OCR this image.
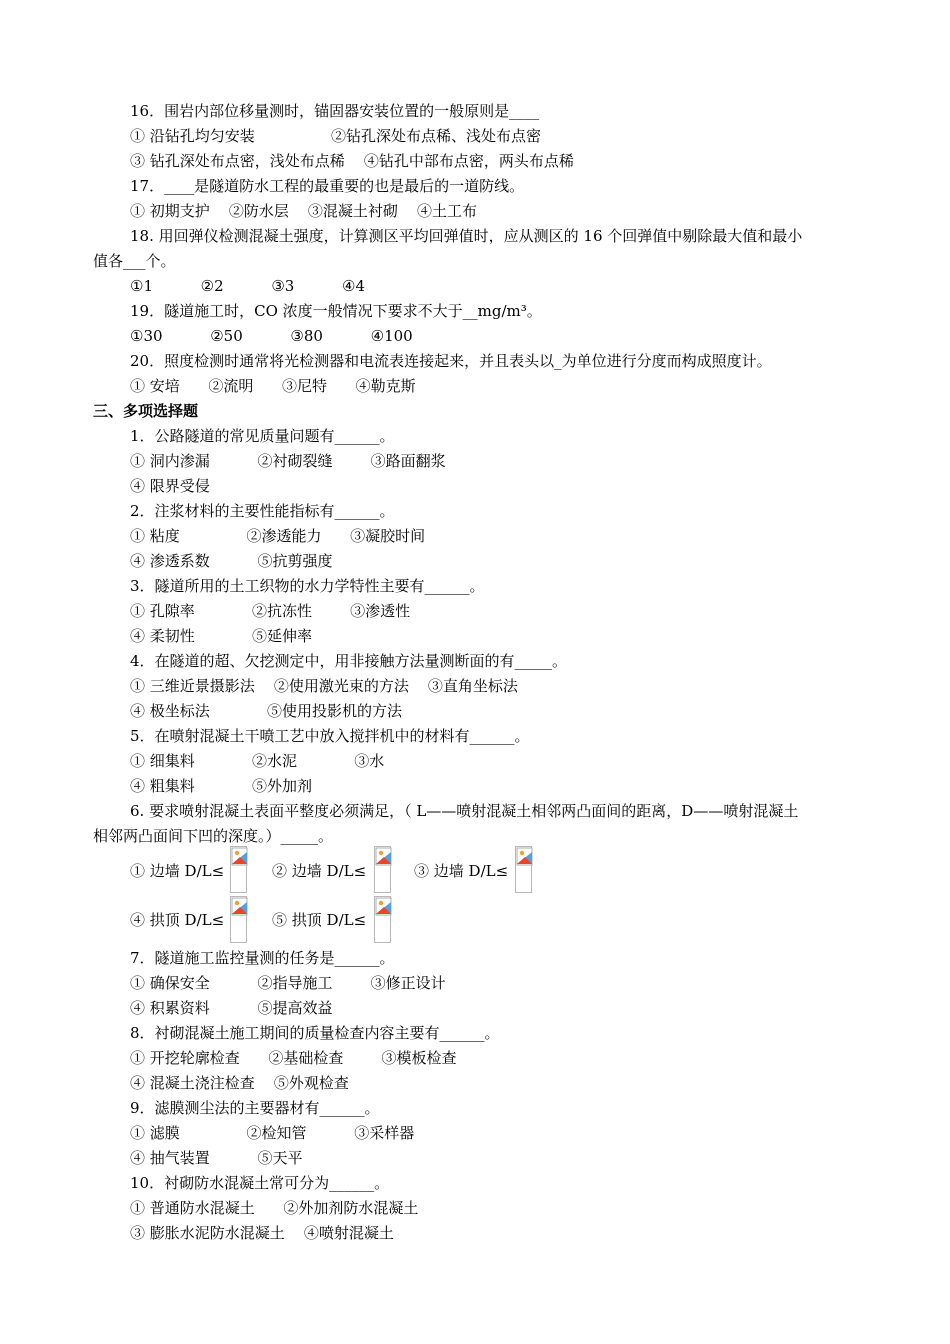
16．围岩内部位移量测时，锚固器安装位置的一般原则是____
① 沿钻孔均匀安装                ②钻孔深处布点稀、浅处布点密
③ 钻孔深处布点密，浅处布点稀    ④钻孔中部布点密，两头布点稀
17．____是隧道防水工程的最重要的也是最后的一道防线。
① 初期支护    ②防水层    ③混凝土衬砌    ④土工布
18. 用回弹仪检测混凝土强度，计算测区平均回弹值时，应从测区的 16 个回弹值中剔除最大值和最小
值各___个。
①1          ②2          ③3          ④4
19．隧道施工时，CO 浓度一般情况下要求不大于__mg/m³。
①30          ②50          ③80          ④100
20．照度检测时通常将光检测器和电流表连接起来，并且表头以_为单位进行分度而构成照度计。
① 安培      ②流明      ③尼特      ④勒克斯
三、多项选择题
1．公路隧道的常见质量问题有______。
① 洞内渗漏          ②衬砌裂缝        ③路面翻浆
④ 限界受侵
2．注浆材料的主要性能指标有______。
① 粘度              ②渗透能力      ③凝胶时间
④ 渗透系数          ⑤抗剪强度
3．隧道所用的土工织物的水力学特性主要有______。
① 孔隙率            ②抗冻性        ③渗透性
④ 柔韧性            ⑤延伸率
4．在隧道的超、欠挖测定中，用非接触方法量测断面的有_____。
① 三维近景摄影法    ②使用激光束的方法    ③直角坐标法
④ 极坐标法            ⑤使用投影机的方法
5．在喷射混凝土干喷工艺中放入搅拌机中的材料有______。
① 细集料            ②水泥            ③水
④ 粗集料            ⑤外加剂
6. 要求喷射混凝土表面平整度必须满足，（ L——喷射混凝土相邻两凸面间的距离，D——喷射混凝土
相邻两凸面间下凹的深度。）_____。
① 边墙 D/L≤	② 边墙 D/L≤	③ 边墙 D/L≤
④ 拱顶 D/L≤	⑤ 拱顶 D/L≤
7．隧道施工监控量测的任务是______。
① 确保安全          ②指导施工        ③修正设计
④ 积累资料          ⑤提高效益
8．衬砌混凝土施工期间的质量检查内容主要有______。
① 开挖轮廓检查      ②基础检查        ③模板检查
④ 混凝土浇注检查    ⑤外观检查
9．滤膜测尘法的主要器材有______。
① 滤膜              ②检知管          ③采样器
④ 抽气装置          ⑤天平
10．衬砌防水混凝土常可分为______。
① 普通防水混凝土      ②外加剂防水混凝土
③ 膨胀水泥防水混凝土    ④喷射混凝土
